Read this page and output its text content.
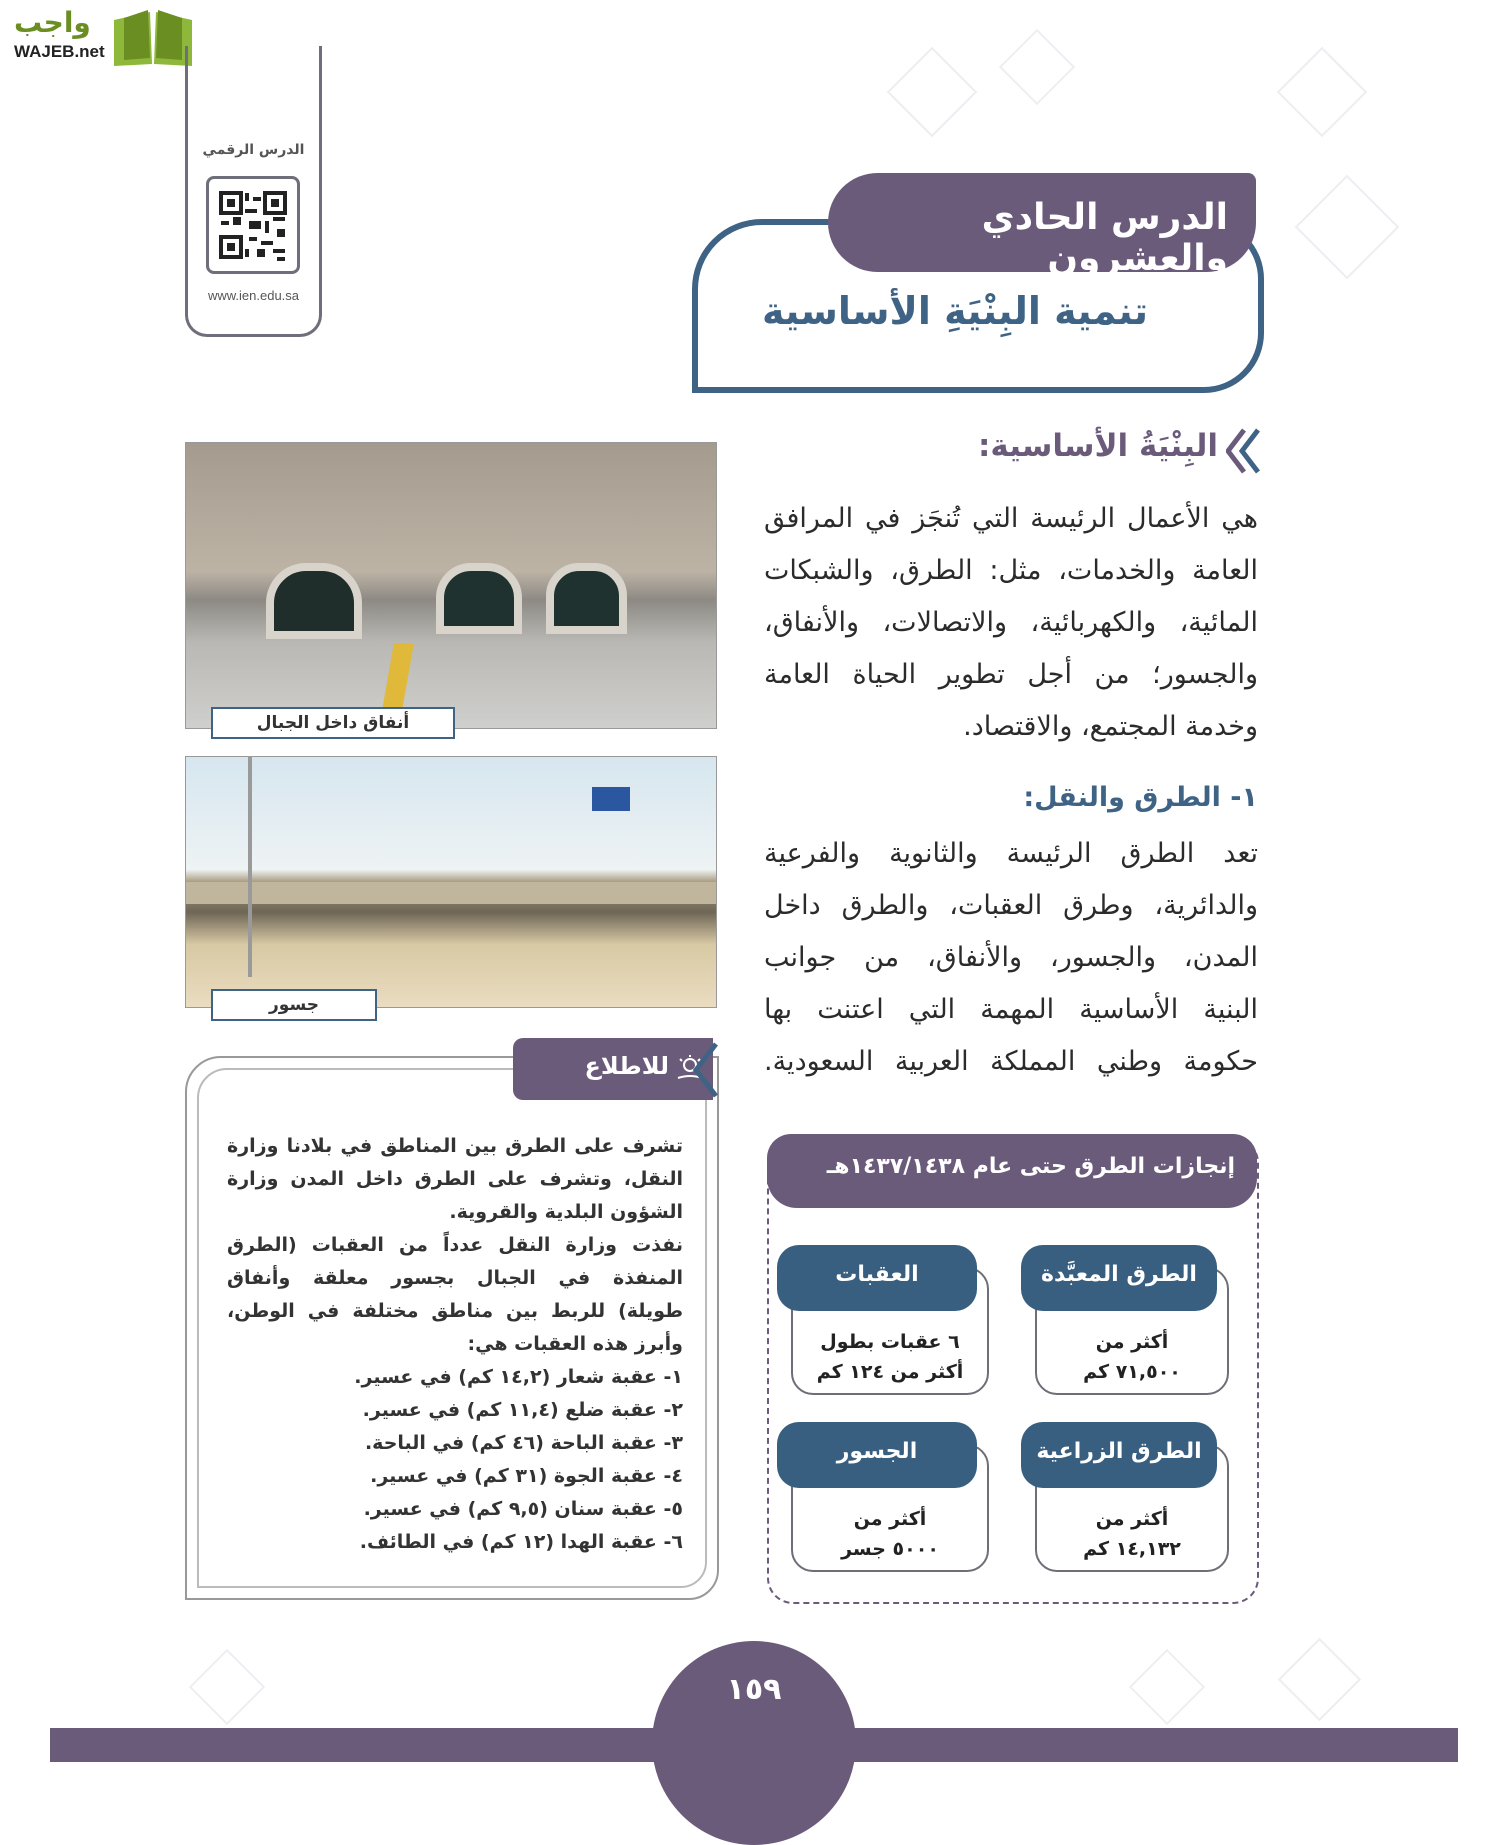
واجب
WAJEB.net
الدرس الرقمي
www.ien.edu.sa	تنمية البِنْيَةِ الأساسية
الدرس الحادي والعشرون
أنفاق داخل الجبال
جسور
البِنْيَةُ الأساسية:
هي الأعمال الرئيسة التي تُنجَز في المرافق
العامة والخدمات، مثل: الطرق، والشبكات
المائية، والكهربائية، والاتصالات، والأنفاق،
والجسور؛ من أجل تطوير الحياة العامة
وخدمة المجتمع، والاقتصاد.
١- الطرق والنقل:
تعد الطرق الرئيسة والثانوية والفرعية
والدائرية، وطرق العقبات، والطرق داخل
المدن، والجسور، والأنفاق، من جوانب
البنية الأساسية المهمة التي اعتنت بها
حكومة وطني المملكة العربية السعودية.
للاطلاع
تشرف على الطرق بين المناطق في بلادنا وزارة
النقل، وتشرف على الطرق داخل المدن وزارة
الشؤون البلدية والقروية.
نفذت وزارة النقل عدداً من العقبات (الطرق
المنفذة في الجبال بجسور معلقة وأنفاق
طويلة) للربط بين مناطق مختلفة في الوطن،
وأبرز هذه العقبات هي:
١- عقبة شعار (١٤,٢ كم) في عسير.
٢- عقبة ضلع (١١,٤ كم) في عسير.
٣- عقبة الباحة (٤٦ كم) في الباحة.
٤- عقبة الجوة (٣١ كم) في عسير.
٥- عقبة سنان (٩,٥ كم) في عسير.
٦- عقبة الهدا (١٢ كم) في الطائف.
إنجازات الطرق حتى عام ١٤٣٧/١٤٣٨هـ
الطرق المعبَّدة
أكثر من
٧١,٥٠٠ كم
العقبات
٦ عقبات بطول
أكثر من ١٢٤ كم
الطرق الزراعية
أكثر من
١٤,١٣٢ كم
الجسور
أكثر من
٥٠٠٠ جسر
١٥٩
